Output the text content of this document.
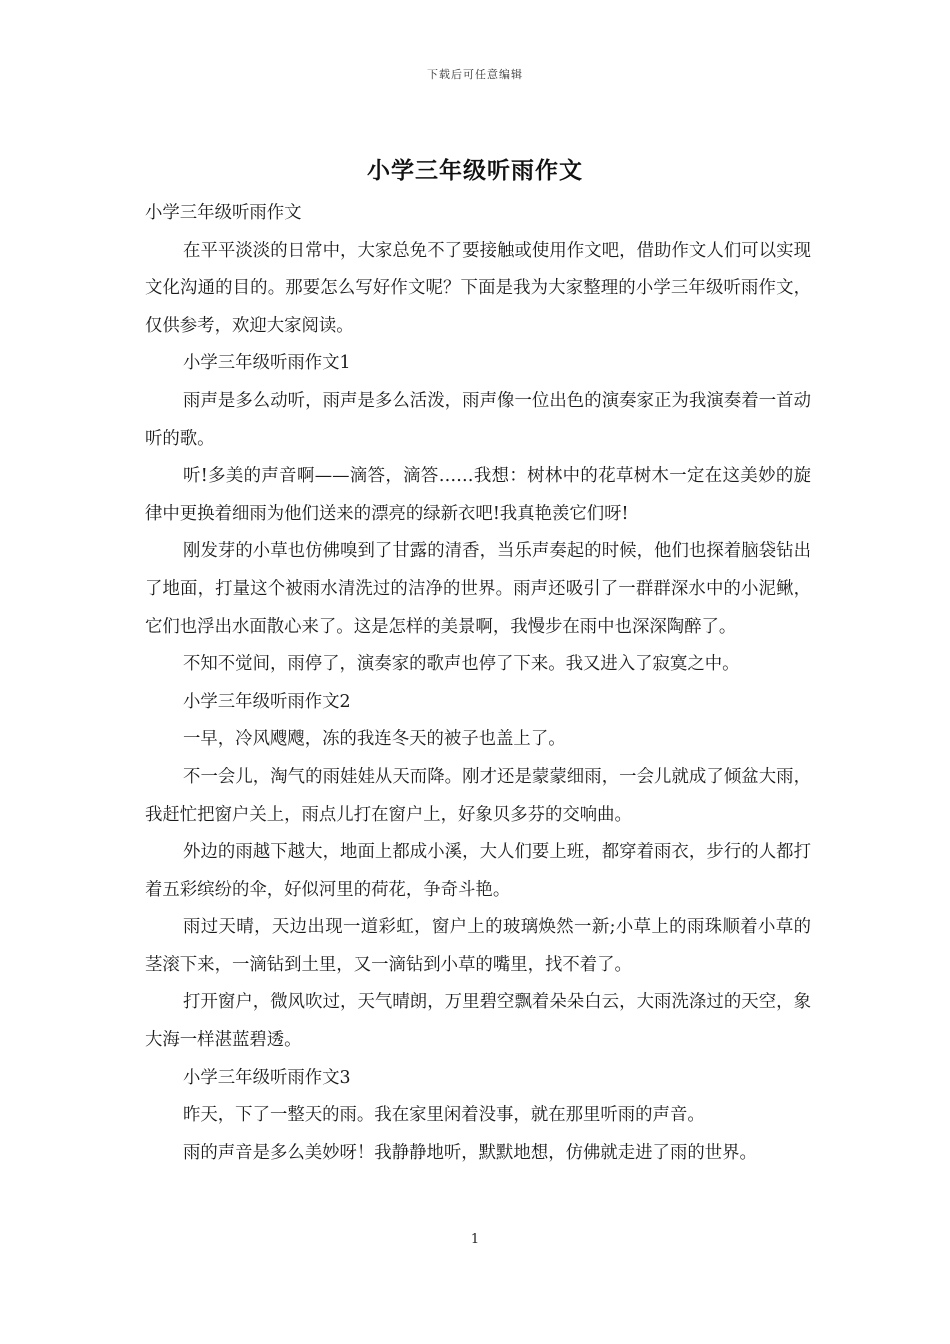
下载后可任意编辑
小学三年级听雨作文

小学三年级听雨作文

在平平淡淡的日常中，大家总免不了要接触或使用作文吧，借助作文人们可以实现文化沟通的目的。那要怎么写好作文呢？下面是我为大家整理的小学三年级听雨作文，仅供参考，欢迎大家阅读。

小学三年级听雨作文1

雨声是多么动听，雨声是多么活泼，雨声像一位出色的演奏家正为我演奏着一首动听的歌。

听!多美的声音啊——滴答，滴答……我想：树林中的花草树木一定在这美妙的旋律中更换着细雨为他们送来的漂亮的绿新衣吧!我真艳羡它们呀!

刚发芽的小草也仿佛嗅到了甘露的清香，当乐声奏起的时候，他们也探着脑袋钻出了地面，打量这个被雨水清洗过的洁净的世界。雨声还吸引了一群群深水中的小泥鳅，它们也浮出水面散心来了。这是怎样的美景啊，我慢步在雨中也深深陶醉了。

不知不觉间，雨停了，演奏家的歌声也停了下来。我又进入了寂寞之中。

小学三年级听雨作文2

一早，冷风飕飕，冻的我连冬天的被子也盖上了。

不一会儿，淘气的雨娃娃从天而降。刚才还是蒙蒙细雨，一会儿就成了倾盆大雨，我赶忙把窗户关上，雨点儿打在窗户上，好象贝多芬的交响曲。

外边的雨越下越大，地面上都成小溪，大人们要上班，都穿着雨衣，步行的人都打着五彩缤纷的伞，好似河里的荷花，争奇斗艳。

雨过天晴，天边出现一道彩虹，窗户上的玻璃焕然一新;小草上的雨珠顺着小草的茎滚下来，一滴钻到土里，又一滴钻到小草的嘴里，找不着了。

打开窗户，微风吹过，天气晴朗，万里碧空飘着朵朵白云，大雨洗涤过的天空，象大海一样湛蓝碧透。

小学三年级听雨作文3

昨天，下了一整天的雨。我在家里闲着没事，就在那里听雨的声音。

雨的声音是多么美妙呀！我静静地听，默默地想，仿佛就走进了雨的世界。

1
